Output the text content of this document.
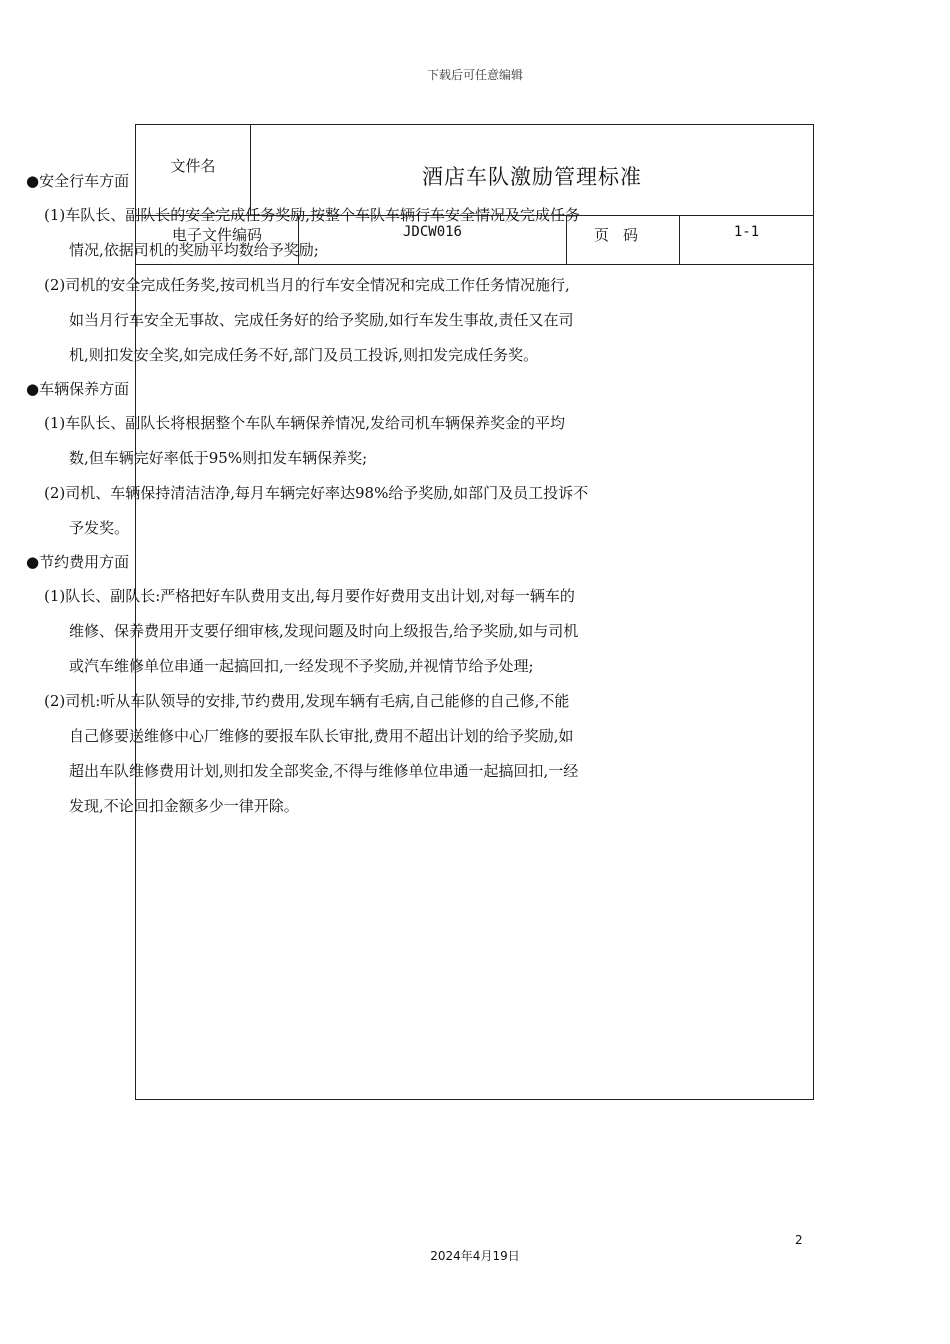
下载后可任意编辑
文件名	酒店车队激励管理标准
电子文件编码	JDCW016	页码	1-1
●安全行车方面
(1)车队长、副队长的安全完成任务奖励,按整个车队车辆行车安全情况及完成任务
情况,依据司机的奖励平均数给予奖励;
(2)司机的安全完成任务奖,按司机当月的行车安全情况和完成工作任务情况施行,
如当月行车安全无事故、完成任务好的给予奖励,如行车发生事故,责任又在司
机,则扣发安全奖,如完成任务不好,部门及员工投诉,则扣发完成任务奖。
●车辆保养方面
(1)车队长、副队长将根据整个车队车辆保养情况,发给司机车辆保养奖金的平均
数,但车辆完好率低于95%则扣发车辆保养奖;
(2)司机、车辆保持清洁洁净,每月车辆完好率达98%给予奖励,如部门及员工投诉不
予发奖。
●节约费用方面
(1)队长、副队长:严格把好车队费用支出,每月要作好费用支出计划,对每一辆车的
维修、保养费用开支要仔细审核,发现问题及时向上级报告,给予奖励,如与司机
或汽车维修单位串通一起搞回扣,一经发现不予奖励,并视情节给予处理;
(2)司机:听从车队领导的安排,节约费用,发现车辆有毛病,自己能修的自己修,不能
自己修要送维修中心厂维修的要报车队长审批,费用不超出计划的给予奖励,如
超出车队维修费用计划,则扣发全部奖金,不得与维修单位串通一起搞回扣,一经
发现,不论回扣金额多少一律开除。
2
2024年4月19日
